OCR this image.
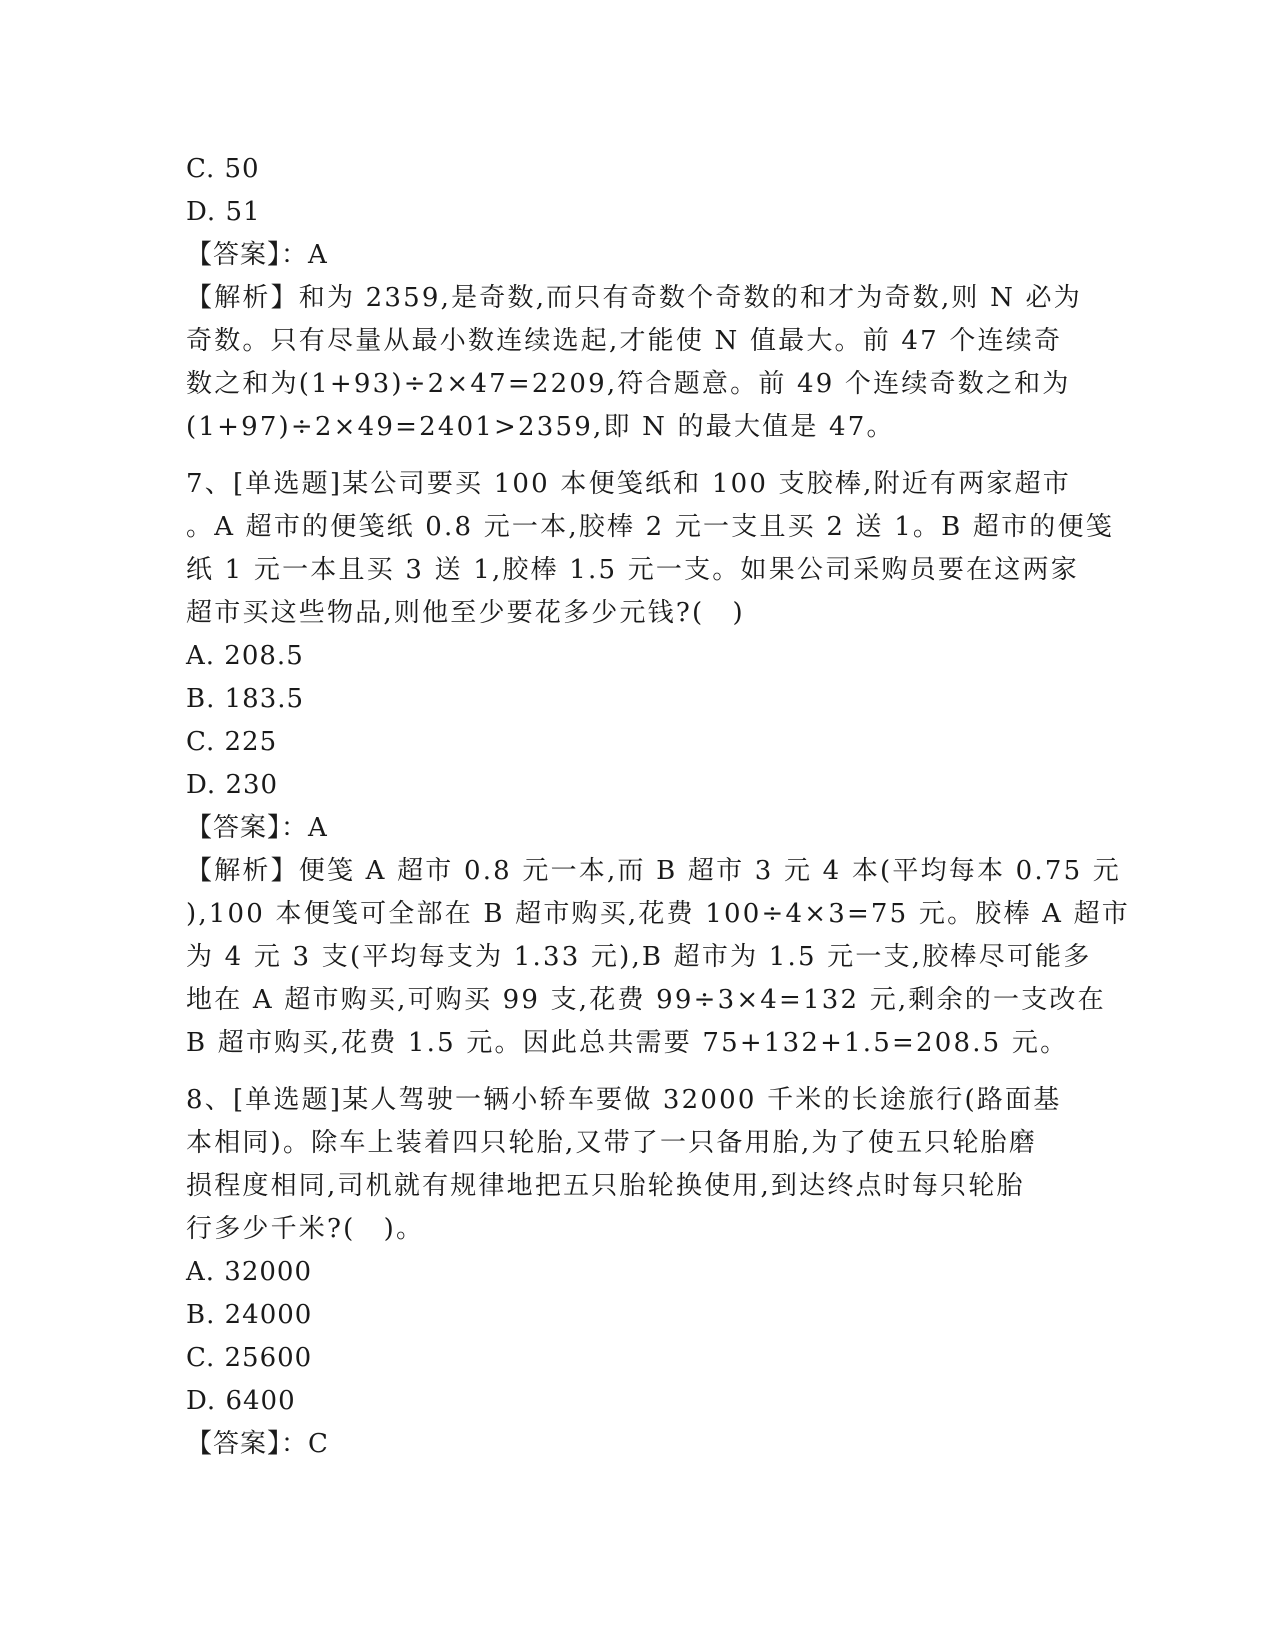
C. 50
D. 51
【答案】：A
【解析】和为 2359,是奇数,而只有奇数个奇数的和才为奇数,则 N 必为
奇数。只有尽量从最小数连续选起,才能使 N 值最大。前 47 个连续奇
数之和为(1+93)÷2×47=2209,符合题意。前 49 个连续奇数之和为
(1+97)÷2×49=2401>2359,即 N 的最大值是 47。
7、[单选题]某公司要买 100 本便笺纸和 100 支胶棒,附近有两家超市
。A 超市的便笺纸 0.8 元一本,胶棒 2 元一支且买 2 送 1。B 超市的便笺
纸 1 元一本且买 3 送 1,胶棒 1.5 元一支。如果公司采购员要在这两家
超市买这些物品,则他至少要花多少元钱?(　)
A. 208.5
B. 183.5
C. 225
D. 230
【答案】：A
【解析】便笺 A 超市 0.8 元一本,而 B 超市 3 元 4 本(平均每本 0.75 元
),100 本便笺可全部在 B 超市购买,花费 100÷4×3=75 元。胶棒 A 超市
为 4 元 3 支(平均每支为 1.33 元),B 超市为 1.5 元一支,胶棒尽可能多
地在 A 超市购买,可购买 99 支,花费 99÷3×4=132 元,剩余的一支改在
B 超市购买,花费 1.5 元。因此总共需要 75+132+1.5=208.5 元。
8、[单选题]某人驾驶一辆小轿车要做 32000 千米的长途旅行(路面基
本相同)。除车上装着四只轮胎,又带了一只备用胎,为了使五只轮胎磨
损程度相同,司机就有规律地把五只胎轮换使用,到达终点时每只轮胎
行多少千米?(　)。
A. 32000
B. 24000
C. 25600
D. 6400
【答案】：C
